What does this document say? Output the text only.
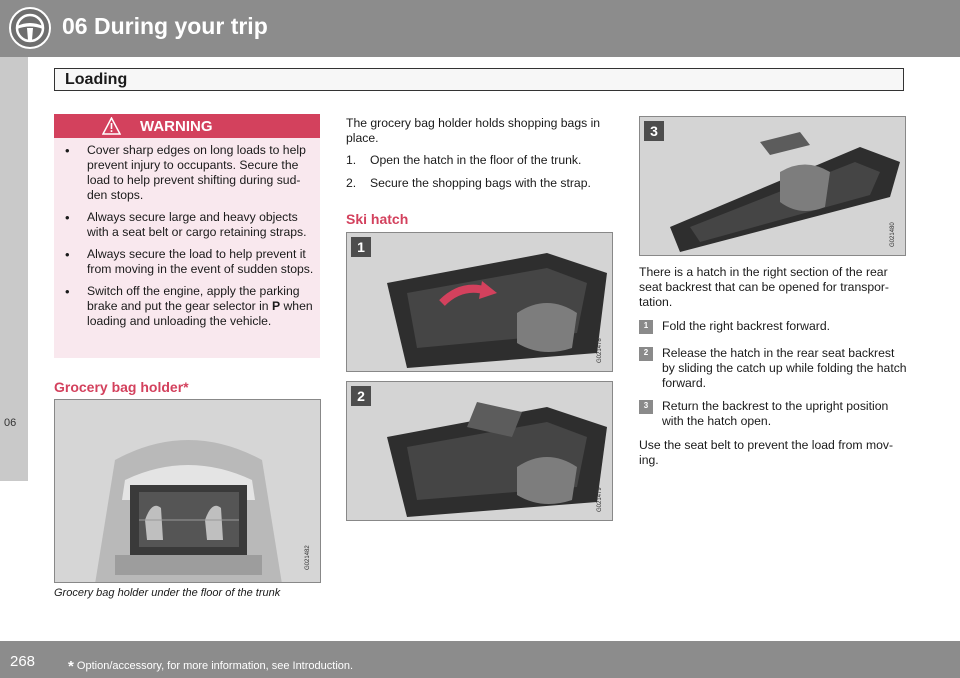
06 During your trip
Loading
06
WARNING
• Cover sharp edges on long loads to help prevent injury to occupants. Secure the load to help prevent shifting during sud-den stops.
• Always secure large and heavy objects with a seat belt or cargo retaining straps.
• Always secure the load to help prevent it from moving in the event of sudden stops.
• Switch off the engine, apply the parking brake and put the gear selector in P when loading and unloading the vehicle.
Grocery bag holder*
G021482
Grocery bag holder under the floor of the trunk

The grocery bag holder holds shopping bags in place.

1. Open the hatch in the floor of the trunk.
2. Secure the shopping bags with the strap.
Ski hatch
1
G021478
2
G021479
3
G021480

There is a hatch in the right section of the rear seat backrest that can be opened for transpor-tation.

1	Fold the right backrest forward.

2	Release the hatch in the rear seat backrest by sliding the catch up while folding the hatch forward.

3	Return the backrest to the upright position with the hatch open.

Use the seat belt to prevent the load from mov-ing.

268 * Option/accessory, for more information, see Introduction.
